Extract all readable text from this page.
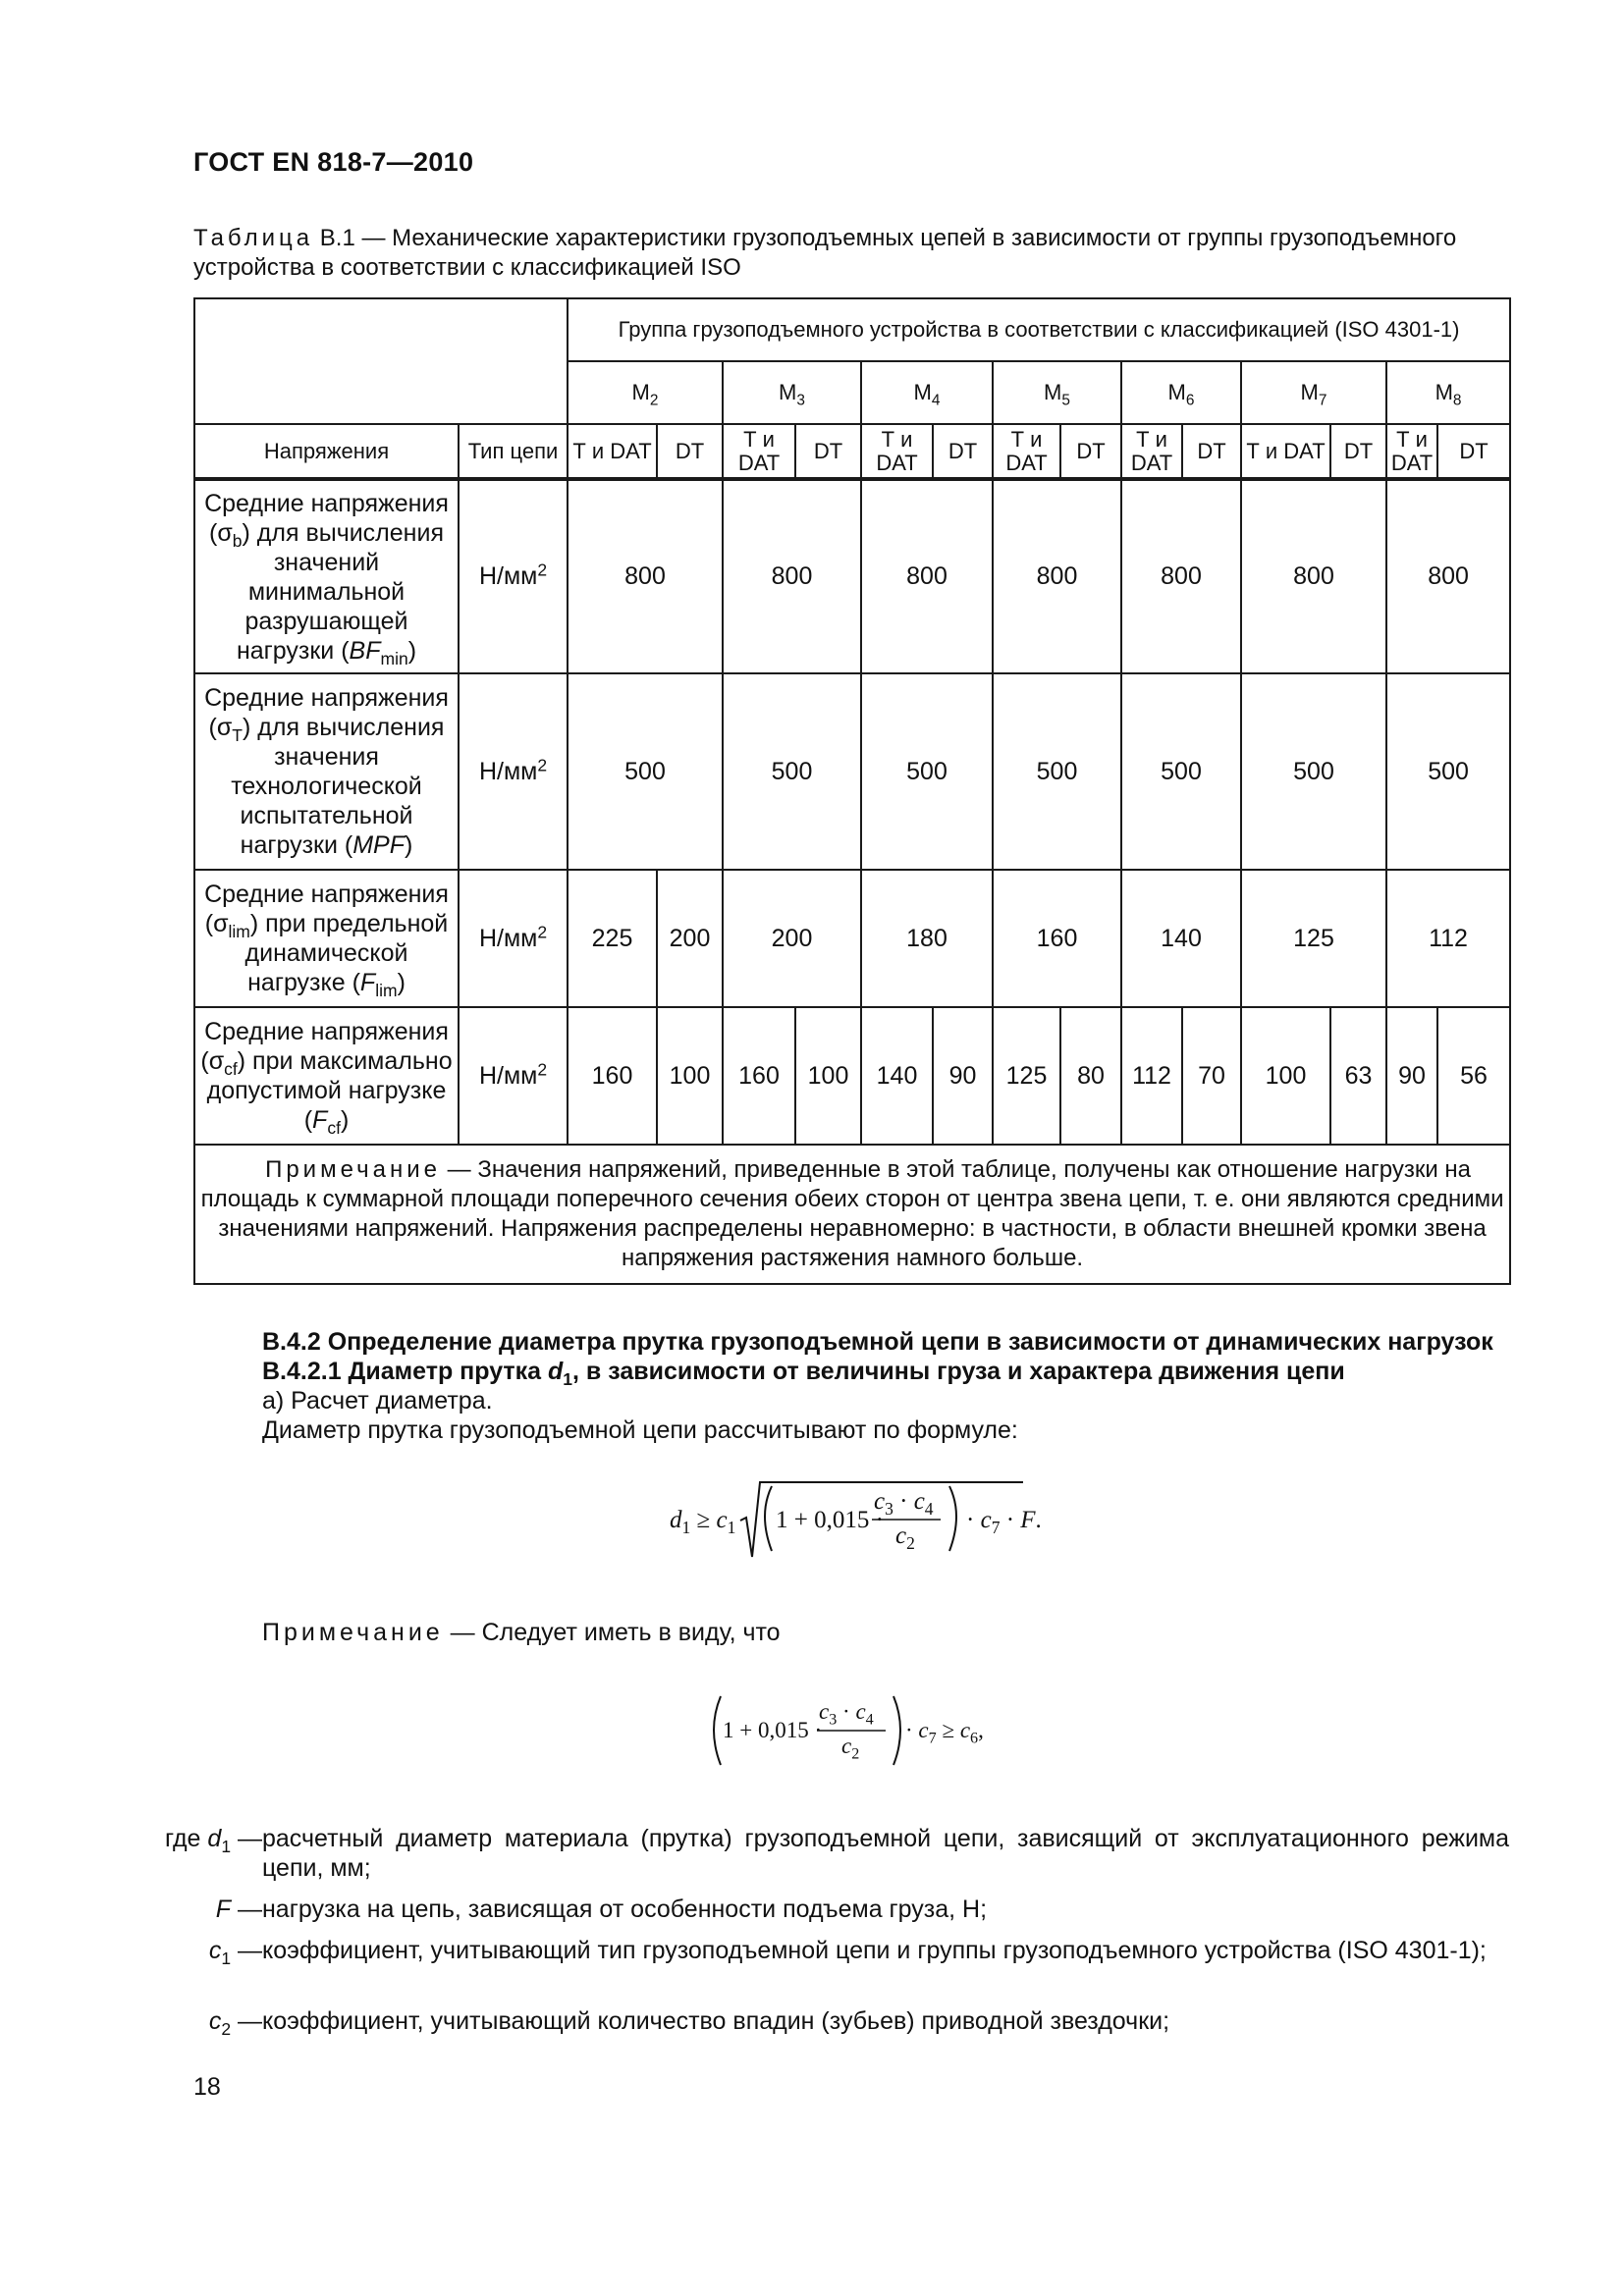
ГОСТ EN 818-7—2010
Таблица В.1 — Механические характеристики грузоподъемных цепей в зависимости от группы грузоподъемного устройства в соответствии с классификацией ISO
		Группа грузоподъемного устройства в соответствии с классификацией (ISO 4301-1)													
		$M_2$		$M_3$		$M_4$		$M_5$		$M_6$		$M_7$		$M_8$
Напряжения	Тип цепи	Т и DAT	DT	Т и DAT	DT	Т и DAT	DT	Т и DAT	DT	Т и DAT	DT	Т и DAT	DT	Т и DAT	DT
Средние напряжения $(\sigma_b)$ для вычисления значений минимальной разрушающей нагрузки $(BF_{min})$	$Н/мм^2$	800		800		800		800		800		800		800	
Средние напряжения $(\sigma_T)$ для вычисления значения технологической испытательной нагрузки (MPF)	$Н/мм^2$	500		500		500		500		500		500		500	
Средние напряжения $(\sigma_{lim})$ при предельной динамической нагрузке $(F_{lim})$	$Н/мм^2$	225	200	200		180		160		140		125		112	
Средние напряжения $(\sigma_{cf})$ при максимально допустимой нагрузке $(F_{cf})$	$Н/мм^2$	160	100	160	100	140	90	125	80	112	70	100	63	90	56
Примечание — Значения напряжений, приведенные в этой таблице, получены как отношение нагрузки на площадь к суммарной площади поперечного сечения обеих сторон от центра звена цепи, т. е. они являются средними значениями напряжений. Напряжения распределены неравномерно: в частности, в области внешней кромки звена напряжения растяжения намного больше.															
В.4.2 Определение диаметра прутка грузоподъемной цепи в зависимости от динамических нагрузок
В.4.2.1 Диаметр прутка $d_1$, в зависимости от величины груза и характера движения цепи
а) Расчет диаметра.
Диаметр прутка грузоподъемной цепи рассчитывают по формуле:
$d_1 \ge c_1$ 1 + 0,015 ·
$c_3 \cdot c_4$
$c_2$
· $c_7 \cdot F$.
Примечание — Следует иметь в виду, что
1 + 0,015 ·
$c_3 \cdot c_4$
$c_2$
· $c_7 \ge c_6$,
где $d_1$ — расчетный диаметр материала (прутка) грузоподъемной цепи, зависящий от эксплуатационного режима цепи, мм;
F — нагрузка на цепь, зависящая от особенности подъема груза, Н;
$c_1$ — коэффициент, учитывающий тип грузоподъемной цепи и группы грузоподъемного устройства (ISO 4301-1);
$c_2$ — коэффициент, учитывающий количество впадин (зубьев) приводной звездочки;
18
